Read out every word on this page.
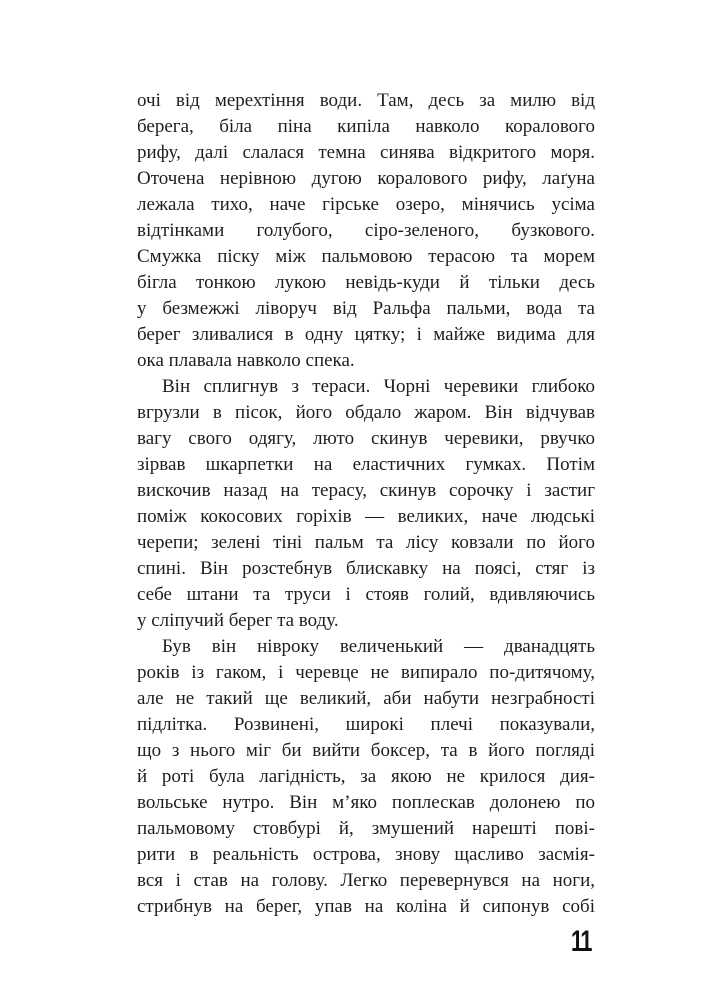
очі від мерехтіння води. Там, десь за милю від
берега, біла піна кипіла навколо коралового
рифу, далі слалася темна синява відкритого моря.
Оточена нерівною дугою коралового рифу, лаґуна
лежала тихо, наче гірське озеро, мінячись усіма
відтінками голубого, сіро-зеленого, бузкового.
Смужка піску між пальмовою терасою та морем
бігла тонкою лукою невідь-куди й тільки десь
у безмежжі ліворуч від Ральфа пальми, вода та
берег зливалися в одну цятку; і майже видима для
ока плавала навколо спека.
Він сплигнув з тераси. Чорні черевики глибоко
вгрузли в пісок, його обдало жаром. Він відчував
вагу свого одягу, люто скинув черевики, рвучко
зірвав шкарпетки на еластичних гумках. Потім
вискочив назад на терасу, скинув сорочку і застиг
поміж кокосових горіхів — великих, наче людські
черепи; зелені тіні пальм та лісу ковзали по його
спині. Він розстебнув блискавку на поясі, стяг із
себе штани та труси і стояв голий, вдивляючись
у сліпучий берег та воду.
Був він нівроку величенький — дванадцять
років із гаком, і черевце не випирало по-дитячому,
але не такий ще великий, аби набути незграбності
підлітка. Розвинені, широкі плечі показували,
що з нього міг би вийти боксер, та в його погляді
й роті була лагідність, за якою не крилося дия-
вольське нутро. Він м’яко поплескав долонею по
пальмовому стовбурі й, змушений нарешті пові-
рити в реальність острова, знову щасливо засмія-
вся і став на голову. Легко перевернувся на ноги,
стрибнув на берег, упав на коліна й сипонув собі
11
